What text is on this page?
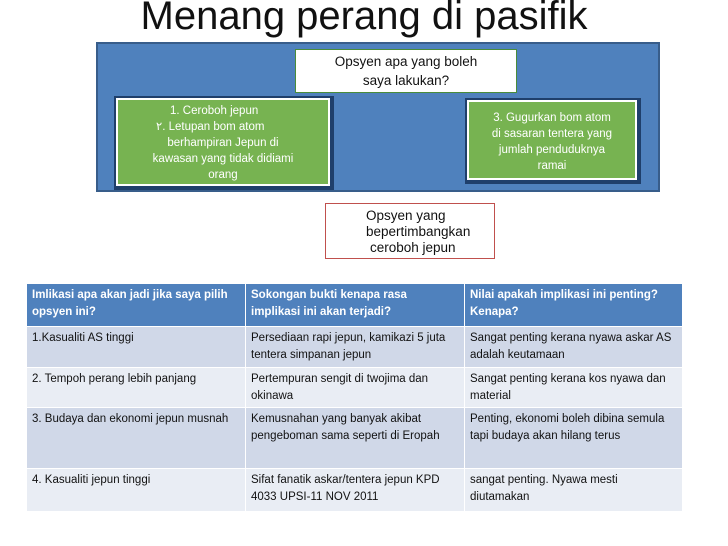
Menang perang di pasifik
Opsyen apa yang boleh
saya lakukan?
1. Ceroboh jepun
٢. Letupan bom atom
berhampiran Jepun di
kawasan yang tidak didiami
orang
3. Gugurkan bom atom
di sasaran tentera yang
jumlah penduduknya
ramai
Opsyen yang
bepertimbangkan
ceroboh jepun
Imlikasi apa akan jadi jika saya pilih opsyen ini?	Sokongan bukti kenapa rasa implikasi ini akan terjadi?	Nilai apakah implikasi ini penting? Kenapa?
1.Kasualiti AS tinggi	Persediaan rapi jepun, kamikazi 5 juta tentera simpanan jepun	Sangat penting kerana nyawa askar AS adalah keutamaan
2. Tempoh perang lebih panjang	Pertempuran sengit di twojima dan okinawa	Sangat penting kerana kos nyawa dan material
3. Budaya dan ekonomi jepun musnah	Kemusnahan yang banyak akibat pengeboman sama seperti di Eropah	Penting, ekonomi boleh dibina semula tapi budaya akan hilang terus
4. Kasualiti jepun tinggi	Sifat fanatik askar/tentera jepun KPD 4033 UPSI-11 NOV 2011	sangat penting. Nyawa mesti diutamakan
